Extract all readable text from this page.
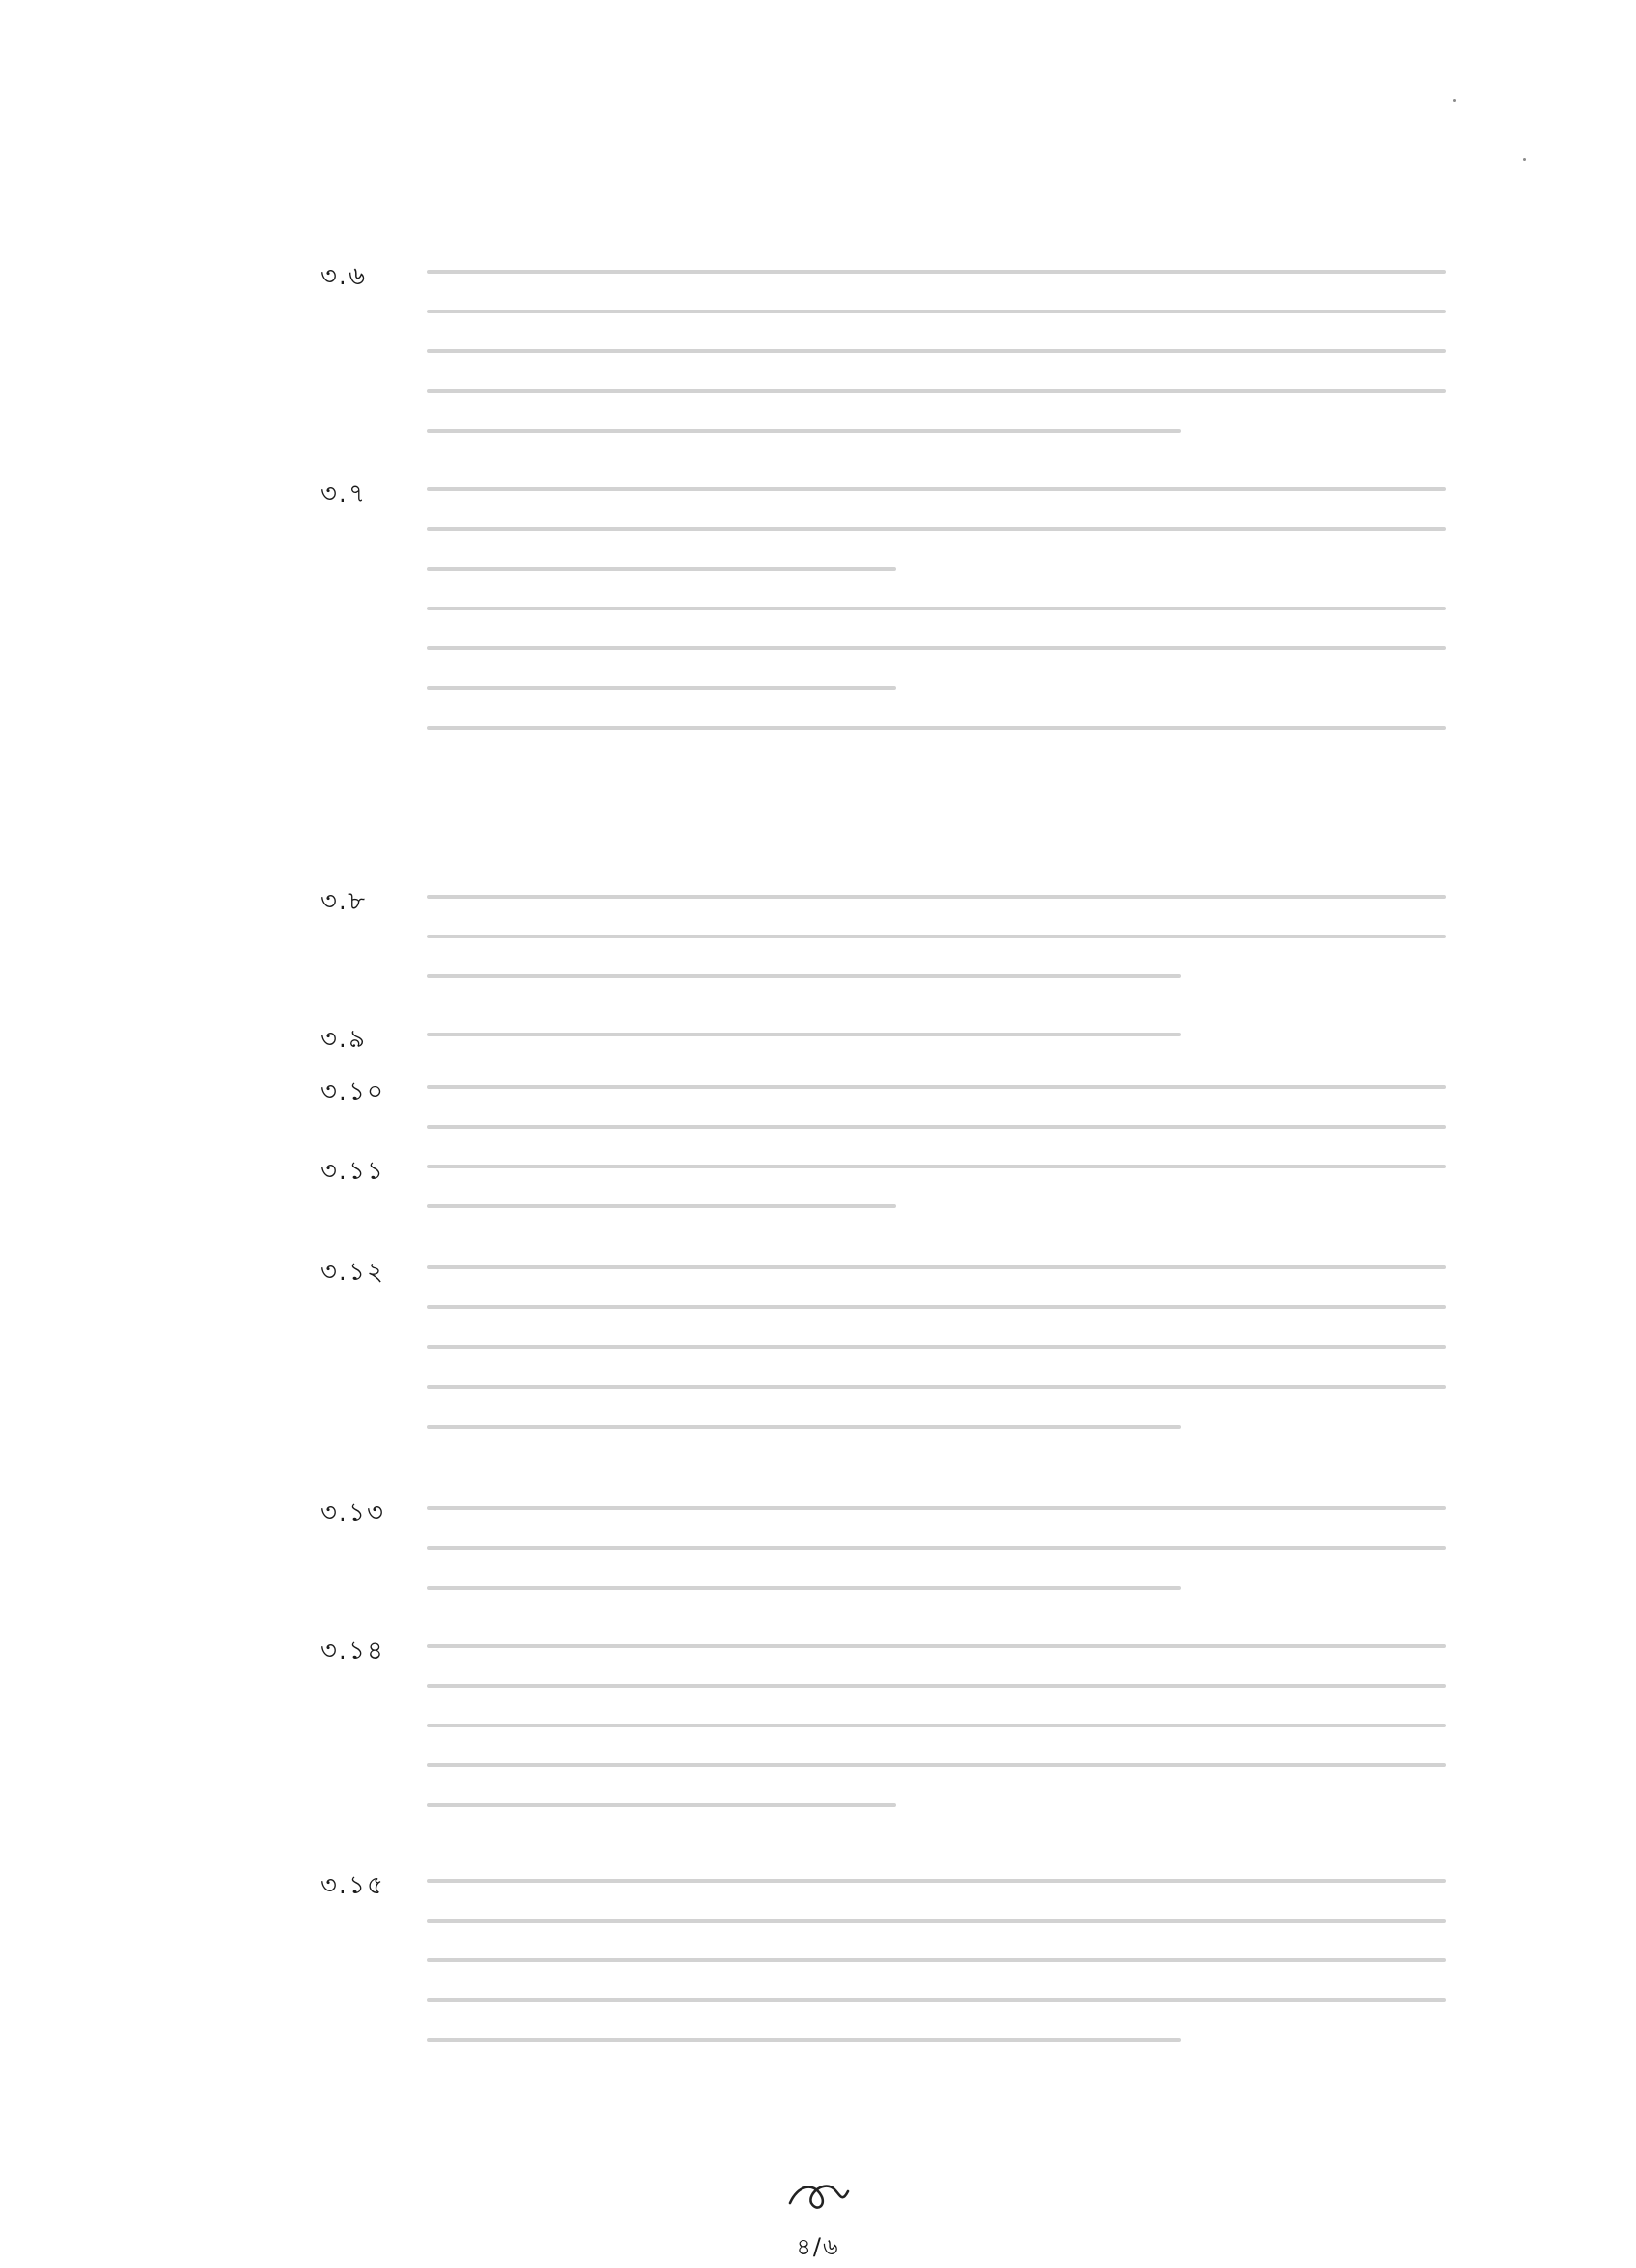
৩.৬
৩.৭
৩.৮
৩.৯
৩.১০
৩.১১
৩.১২
৩.১৩
৩.১৪
৩.১৫
৪/৬
